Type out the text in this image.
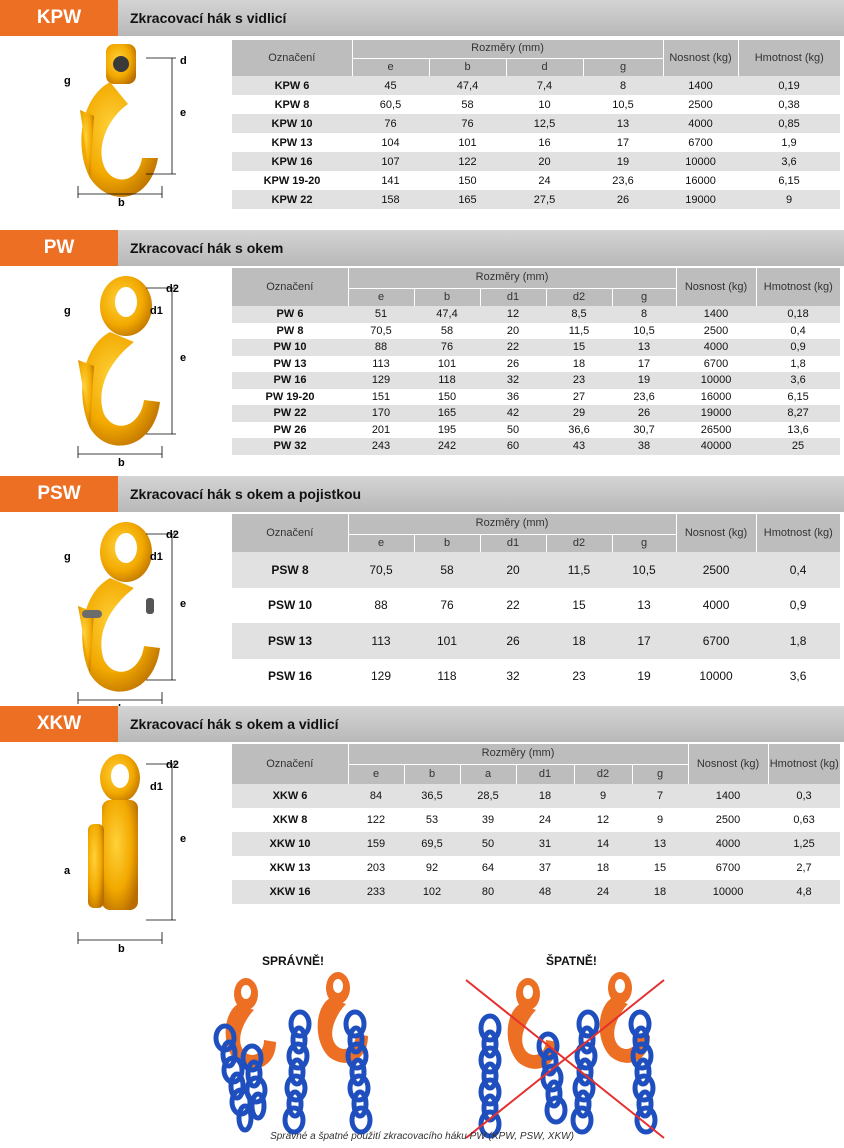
KPW	Zkracovací hák s vidlicí
Označení	Rozměry (mm)				Nosnost (kg)	Hmotnost (kg)
	e	b	d	g		
KPW 6	45	47,4	7,4	8	1400	0,19
KPW 8	60,5	58	10	10,5	2500	0,38
KPW 10	76	76	12,5	13	4000	0,85
KPW 13	104	101	16	17	6700	1,9
KPW 16	107	122	20	19	10000	3,6
KPW 19-20	141	150	24	23,6	16000	6,15
KPW 22	158	165	27,5	26	19000	9
d
e
g
b
PW	Zkracovací hák s okem
Označení	Rozměry (mm)					Nosnost (kg)	Hmotnost (kg)
	e	b	d1	d2	g		
PW 6	51	47,4	12	8,5	8	1400	0,18
PW 8	70,5	58	20	11,5	10,5	2500	0,4
PW 10	88	76	22	15	13	4000	0,9
PW 13	113	101	26	18	17	6700	1,8
PW 16	129	118	32	23	19	10000	3,6
PW 19-20	151	150	36	27	23,6	16000	6,15
PW 22	170	165	42	29	26	19000	8,27
PW 26	201	195	50	36,6	30,7	26500	13,6
PW 32	243	242	60	43	38	40000	25
d2
d1
e
g
b
PSW	Zkracovací hák s okem a pojistkou
Označení	Rozměry (mm)					Nosnost (kg)	Hmotnost (kg)
	e	b	d1	d2	g		
PSW 8	70,5	58	20	11,5	10,5	2500	0,4
PSW 10	88	76	22	15	13	4000	0,9
PSW 13	113	101	26	18	17	6700	1,8
PSW 16	129	118	32	23	19	10000	3,6
d2
d1
e
g
XKW	Zkracovací hák s okem a vidlicí
Označení	Rozměry (mm)						Nosnost (kg)	Hmotnost (kg)
	e	b	a	d1	d2	g		
XKW 6	84	36,5	28,5	18	9	7	1400	0,3
XKW 8	122	53	39	24	12	9	2500	0,63
XKW 10	159	69,5	50	31	14	13	4000	1,25
XKW 13	203	92	64	37	18	15	6700	2,7
XKW 16	233	102	80	48	24	18	10000	4,8
d2
d1
e
a
b
SPRÁVNĚ!	ŠPATNĚ!
Správné a špatné použití zkracovacího háku PW (KPW, PSW, XKW)
